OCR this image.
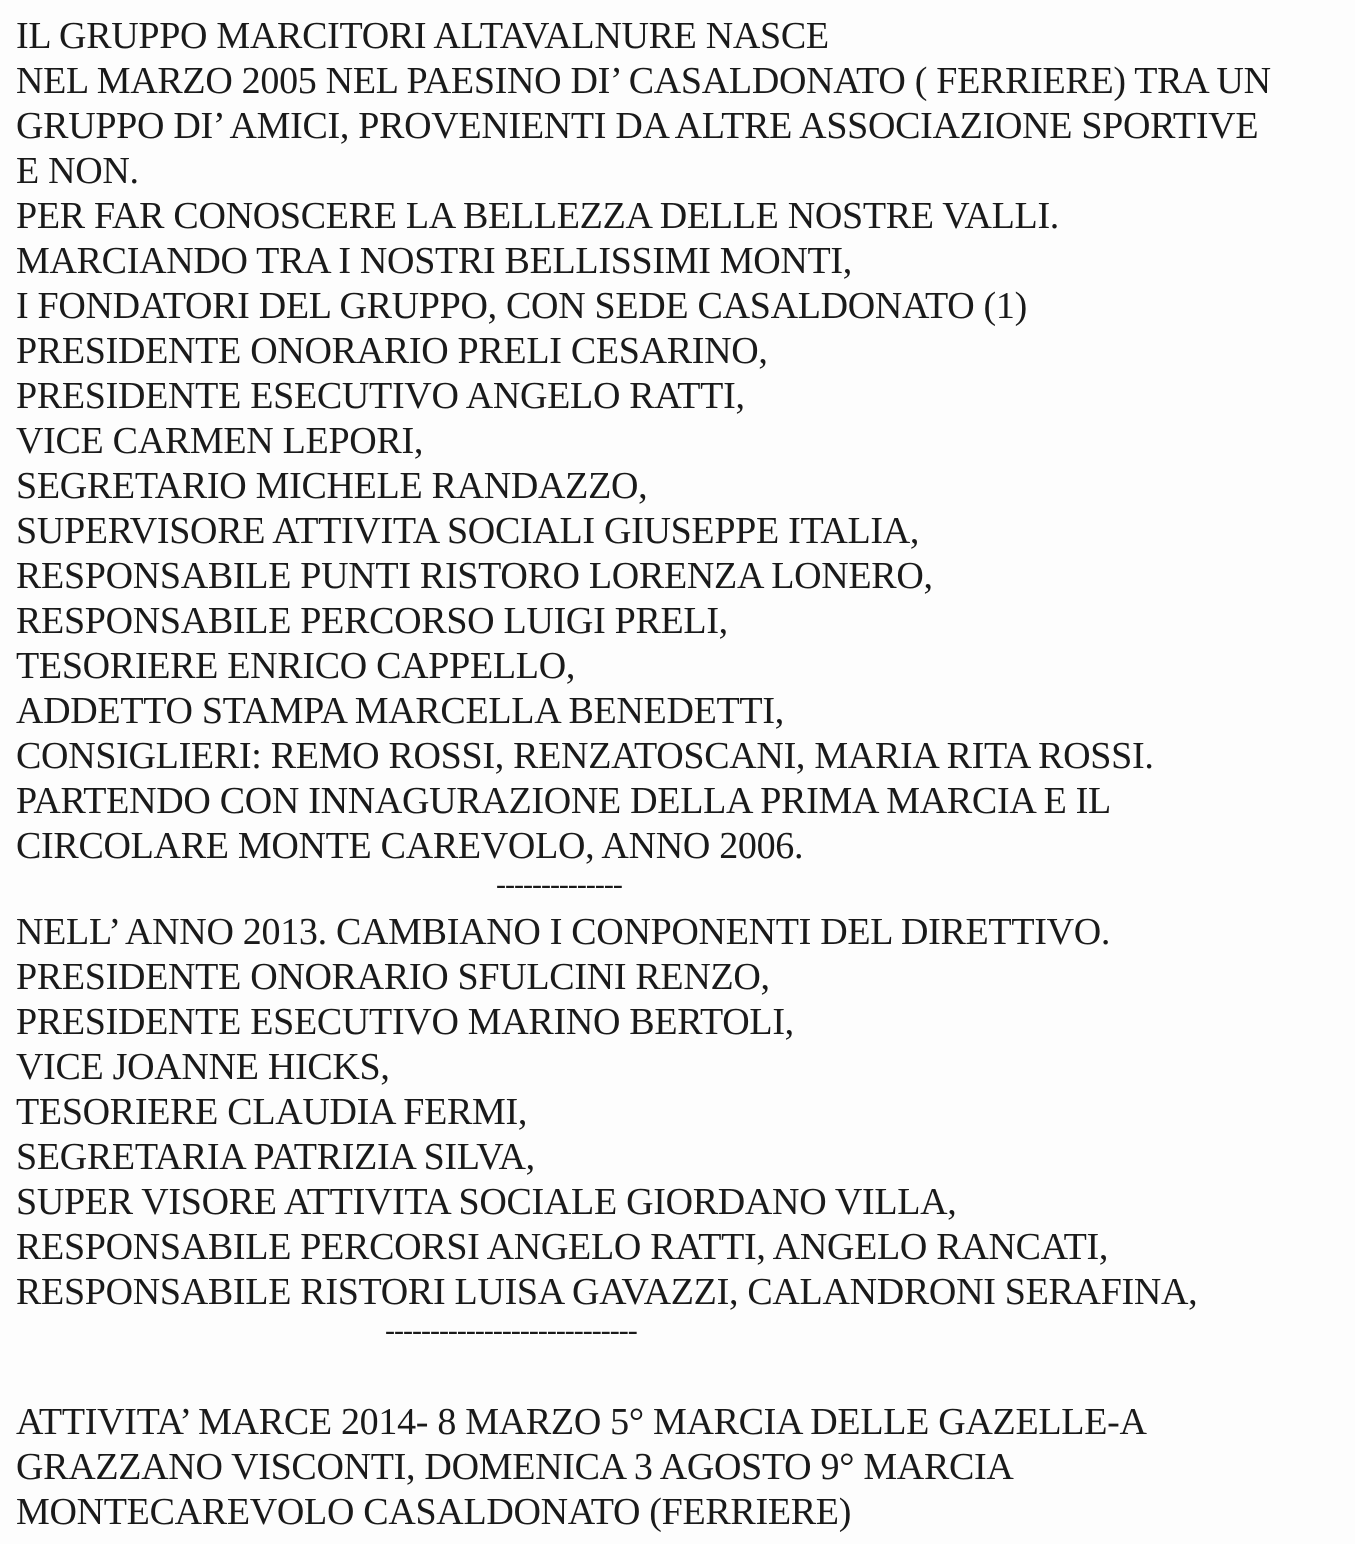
IL GRUPPO MARCITORI ALTAVALNURE NASCE

NEL MARZO 2005 NEL PAESINO DI’ CASALDONATO ( FERRIERE) TRA UN

GRUPPO DI’ AMICI, PROVENIENTI DA ALTRE ASSOCIAZIONE SPORTIVE

E NON.

PER FAR CONOSCERE LA BELLEZZA DELLE NOSTRE VALLI.

MARCIANDO TRA I NOSTRI BELLISSIMI MONTI,

I FONDATORI DEL GRUPPO, CON SEDE CASALDONATO (1)

PRESIDENTE ONORARIO PRELI CESARINO,

PRESIDENTE ESECUTIVO ANGELO RATTI,

VICE CARMEN LEPORI,

SEGRETARIO MICHELE RANDAZZO,

SUPERVISORE ATTIVITA SOCIALI GIUSEPPE ITALIA,

RESPONSABILE PUNTI RISTORO LORENZA LONERO,

RESPONSABILE PERCORSO LUIGI PRELI,

TESORIERE ENRICO CAPPELLO,

ADDETTO STAMPA MARCELLA BENEDETTI,

CONSIGLIERI: REMO ROSSI, RENZATOSCANI, MARIA RITA ROSSI.

PARTENDO CON INNAGURAZIONE DELLA PRIMA MARCIA E IL

CIRCOLARE MONTE CAREVOLO, ANNO 2006.

--------------

NELL’ ANNO 2013. CAMBIANO I CONPONENTI DEL DIRETTIVO.

PRESIDENTE ONORARIO SFULCINI RENZO,

PRESIDENTE ESECUTIVO MARINO BERTOLI,

VICE JOANNE HICKS,

TESORIERE CLAUDIA FERMI,

SEGRETARIA PATRIZIA SILVA,

SUPER VISORE ATTIVITA SOCIALE GIORDANO VILLA,

RESPONSABILE PERCORSI ANGELO RATTI, ANGELO RANCATI,

RESPONSABILE RISTORI LUISA GAVAZZI, CALANDRONI SERAFINA,

----------------------------

ATTIVITA’ MARCE 2014- 8 MARZO 5° MARCIA DELLE GAZELLE-A

GRAZZANO VISCONTI, DOMENICA 3 AGOSTO 9° MARCIA

MONTECAREVOLO CASALDONATO (FERRIERE)
